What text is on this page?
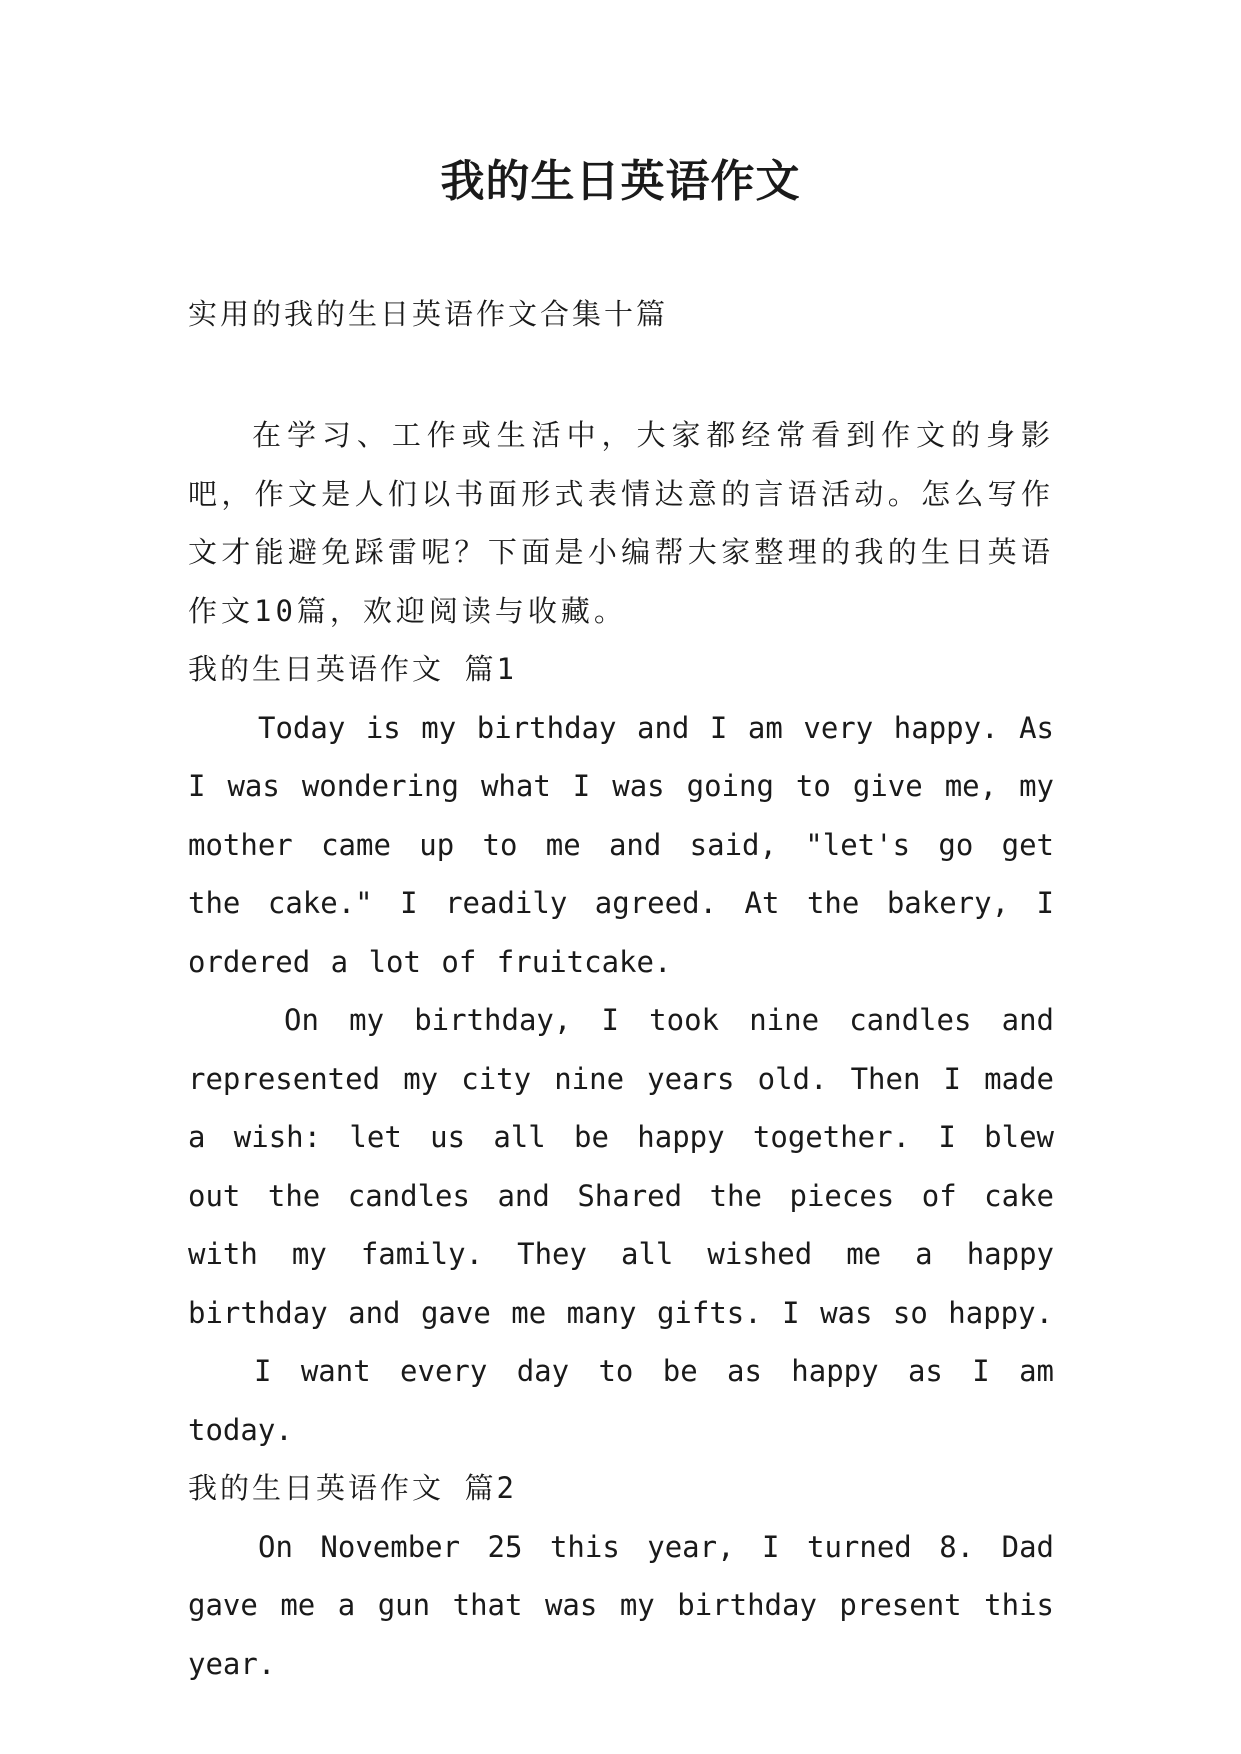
我的生日英语作文

实用的我的生日英语作文合集十篇

在学习、工作或生活中，大家都经常看到作文的身影吧，作文是人们以书面形式表情达意的言语活动。怎么写作文才能避免踩雷呢？下面是小编帮大家整理的我的生日英语作文10篇，欢迎阅读与收藏。

我的生日英语作文 篇1

Today is my birthday and I am very happy. As I was wondering what I was going to give me, my mother came up to me and said, "let's go get the cake." I readily agreed. At the bakery, I ordered a lot of fruitcake.

On my birthday, I took nine candles and represented my city nine years old. Then I made a wish: let us all be happy together. I blew out the candles and Shared the pieces of cake with my family. They all wished me a happy birthday and gave me many gifts. I was so happy.

I want every day to be as happy as I am today.

我的生日英语作文 篇2

On November 25 this year, I turned 8. Dad gave me a gun that was my birthday present this year.
